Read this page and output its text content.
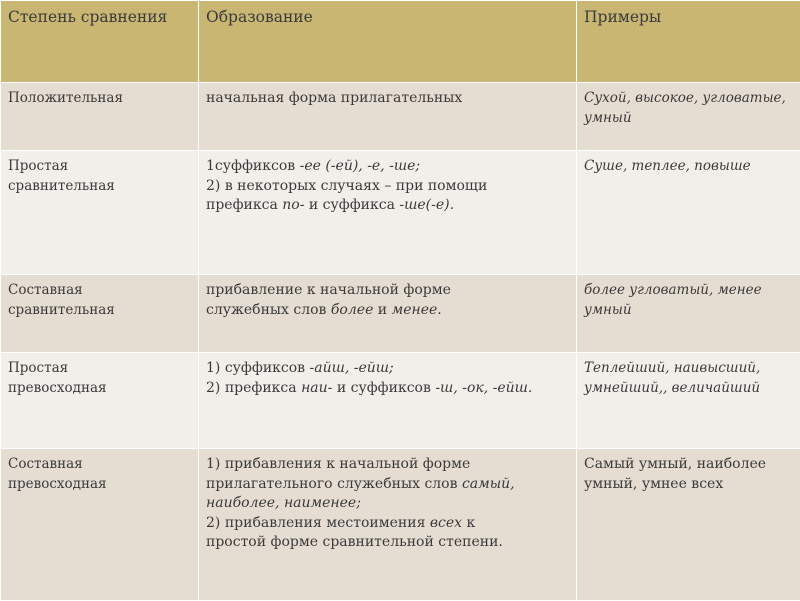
Степень сравнения	Образование	Примеры

Положительная	начальная форма прилагательных	Сухой, высокое, угловатые, умный

Простая
сравнительная	1суффиксов -ее (-ей), -е, -ше;
2) в некоторых случаях – при помощи
префикса по- и суффикса -ше(-е).	Суше, теплее, повыше

Составная
сравнительная	прибавление к начальной форме
служебных слов более и менее.	более угловатый, менее умный

Простая
превосходная	1) суффиксов -айш, -ейш;
2) префикса наи- и суффиксов -ш, -ок, -ейш.	Теплейший, наивысший, умнейший,, величайший

Составная
превосходная	1) прибавления к начальной форме
прилагательного служебных слов самый,
наиболее, наименее;
2) прибавления местоимения всех к
простой форме сравнительной степени.	Самый умный, наиболее умный, умнее всех
